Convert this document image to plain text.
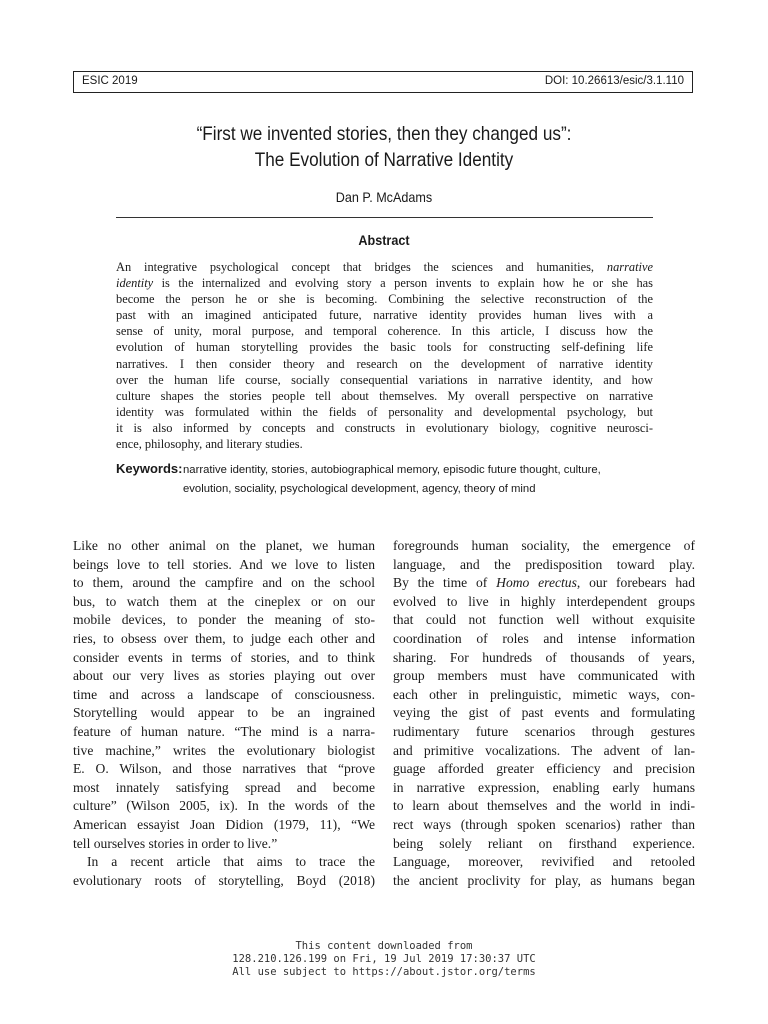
ESIC 2019	DOI: 10.26613/esic/3.1.110
“First we invented stories, then they changed us”:
The Evolution of Narrative Identity
Dan P. McAdams
Abstract
An integrative psychological concept that bridges the sciences and humanities, narrative
identity is the internalized and evolving story a person invents to explain how he or she has
become the person he or she is becoming. Combining the selective reconstruction of the
past with an imagined anticipated future, narrative identity provides human lives with a
sense of unity, moral purpose, and temporal coherence. In this article, I discuss how the
evolution of human storytelling provides the basic tools for constructing self-defining life
narratives. I then consider theory and research on the development of narrative identity
over the human life course, socially consequential variations in narrative identity, and how
culture shapes the stories people tell about themselves. My overall perspective on narrative
identity was formulated within the fields of personality and developmental psychology, but
it is also informed by concepts and constructs in evolutionary biology, cognitive neurosci-
ence, philosophy, and literary studies.
Keywords: narrative identity, stories, autobiographical memory, episodic future thought, culture,
evolution, sociality, psychological development, agency, theory of mind
Like no other animal on the planet, we human
beings love to tell stories. And we love to listen
to them, around the campfire and on the school
bus, to watch them at the cineplex or on our
mobile devices, to ponder the meaning of sto-
ries, to obsess over them, to judge each other and
consider events in terms of stories, and to think
about our very lives as stories playing out over
time and across a landscape of consciousness.
Storytelling would appear to be an ingrained
feature of human nature. “The mind is a narra-
tive machine,” writes the evolutionary biologist
E. O. Wilson, and those narratives that “prove
most innately satisfying spread and become
culture” (Wilson 2005, ix). In the words of the
American essayist Joan Didion (1979, 11), “We
tell ourselves stories in order to live.”
In a recent article that aims to trace the
evolutionary roots of storytelling, Boyd (2018)
foregrounds human sociality, the emergence of
language, and the predisposition toward play.
By the time of Homo erectus, our forebears had
evolved to live in highly interdependent groups
that could not function well without exquisite
coordination of roles and intense information
sharing. For hundreds of thousands of years,
group members must have communicated with
each other in prelinguistic, mimetic ways, con-
veying the gist of past events and formulating
rudimentary future scenarios through gestures
and primitive vocalizations. The advent of lan-
guage afforded greater efficiency and precision
in narrative expression, enabling early humans
to learn about themselves and the world in indi-
rect ways (through spoken scenarios) rather than
being solely reliant on firsthand experience.
Language, moreover, revivified and retooled
the ancient proclivity for play, as humans began
This content downloaded from
128.210.126.199 on Fri, 19 Jul 2019 17:30:37 UTC
All use subject to https://about.jstor.org/terms
